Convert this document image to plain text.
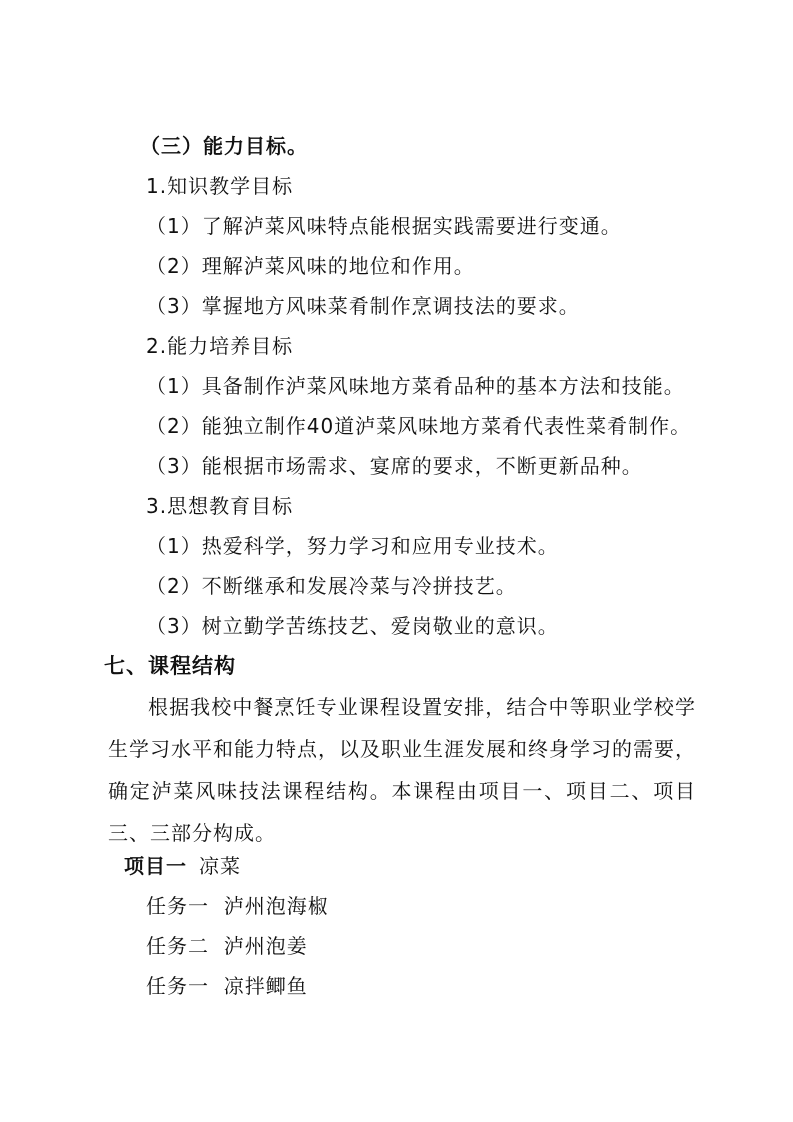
（三）能力目标。
1.知识教学目标
（1）了解泸菜风味特点能根据实践需要进行变通。
（2）理解泸菜风味的地位和作用。
（3）掌握地方风味菜肴制作烹调技法的要求。
2.能力培养目标
（1）具备制作泸菜风味地方菜肴品种的基本方法和技能。
（2）能独立制作40道泸菜风味地方菜肴代表性菜肴制作。
（3）能根据市场需求、宴席的要求，不断更新品种。
3.思想教育目标
（1）热爱科学，努力学习和应用专业技术。
（2）不断继承和发展冷菜与冷拼技艺。
（3）树立勤学苦练技艺、爱岗敬业的意识。
七、课程结构
根据我校中餐烹饪专业课程设置安排，结合中等职业学校学生学习水平和能力特点，以及职业生涯发展和终身学习的需要，确定泸菜风味技法课程结构。本课程由项目一、项目二、项目三、三部分构成。
项目一 凉菜
任务一  泸州泡海椒
任务二  泸州泡姜
任务一  凉拌鲫鱼
